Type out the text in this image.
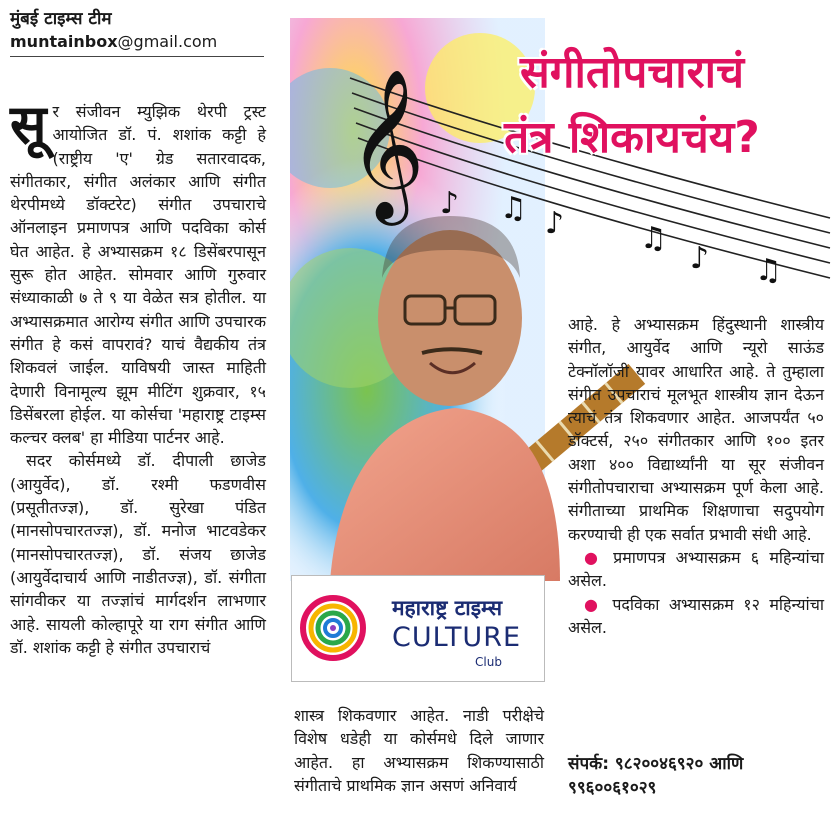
मुंबई टाइम्स टीम
muntainbox@gmail.com
𝄞 ♪ ♫ ♪	♫
♪ ♫
संगीतोपचाराचं
तंत्र शिकायचंय?
महाराष्ट्र टाइम्स
CULTURE
Club

सूर संजीवन म्युझिक थेरपी ट्रस्ट आयोजित डॉ. पं. शशांक कट्टी हे (राष्ट्रीय 'ए' ग्रेड सतारवादक, संगीतकार, संगीत अलंकार आणि संगीत थेरपीमध्ये डॉक्टरेट) संगीत उपचाराचे ऑनलाइन प्रमाणपत्र आणि पदविका कोर्स घेत आहेत. हे अभ्यासक्रम १८ डिसेंबरपासून सुरू होत आहेत. सोमवार आणि गुरुवार संध्याकाळी ७ ते ९ या वेळेत सत्र होतील. या अभ्यासक्रमात आरोग्य संगीत आणि उपचारक संगीत हे कसं वापरावं? याचं वैद्यकीय तंत्र शिकवलं जाईल. याविषयी जास्त माहिती देणारी विनामूल्य झूम मीटिंग शुक्रवार, १५ डिसेंबरला होईल. या कोर्सचा 'महाराष्ट्र टाइम्स कल्चर क्लब' हा मीडिया पार्टनर आहे.

सदर कोर्समध्ये डॉ. दीपाली छाजेड (आयुर्वेद), डॉ. रश्मी फडणवीस (प्रसूतीतज्ज्ञ), डॉ. सुरेखा पंडित (मानसोपचारतज्ज्ञ), डॉ. मनोज भाटवडेकर (मानसोपचारतज्ज्ञ), डॉ. संजय छाजेड (आयुर्वेदाचार्य आणि नाडीतज्ज्ञ), डॉ. संगीता सांगवीकर या तज्ज्ञांचं मार्गदर्शन लाभणार आहे. सायली कोल्हापूरे या राग संगीत आणि डॉ. शशांक कट्टी हे संगीत उपचाराचं

शास्त्र शिकवणार आहेत. नाडी परीक्षेचे विशेष धडेही या कोर्समधे दिले जाणार आहेत. हा अभ्यासक्रम शिकण्यासाठी संगीताचे प्राथमिक ज्ञान असणं अनिवार्य

आहे. हे अभ्यासक्रम हिंदुस्थानी शास्त्रीय संगीत, आयुर्वेद आणि न्यूरो साऊंड टेक्नॉलॉजी यावर आधारित आहे. ते तुम्हाला संगीत उपचाराचं मूलभूत शास्त्रीय ज्ञान देऊन त्याचं तंत्र शिकवणार आहेत. आजपर्यंत ५० डॉक्टर्स, २५० संगीतकार आणि १०० इतर अशा ४०० विद्यार्थ्यांनी या सूर संजीवन संगीतोपचाराचा अभ्यासक्रम पूर्ण केला आहे. संगीताच्या प्राथमिक शिक्षणाचा सदुपयोग करण्याची ही एक सर्वात प्रभावी संधी आहे.

● प्रमाणपत्र अभ्यासक्रम ६ महिन्यांचा असेल.

● पदविका अभ्यासक्रम १२ महिन्यांचा असेल.

संपर्क: ९८२००४६९२० आणि ९९६००६१०२९
